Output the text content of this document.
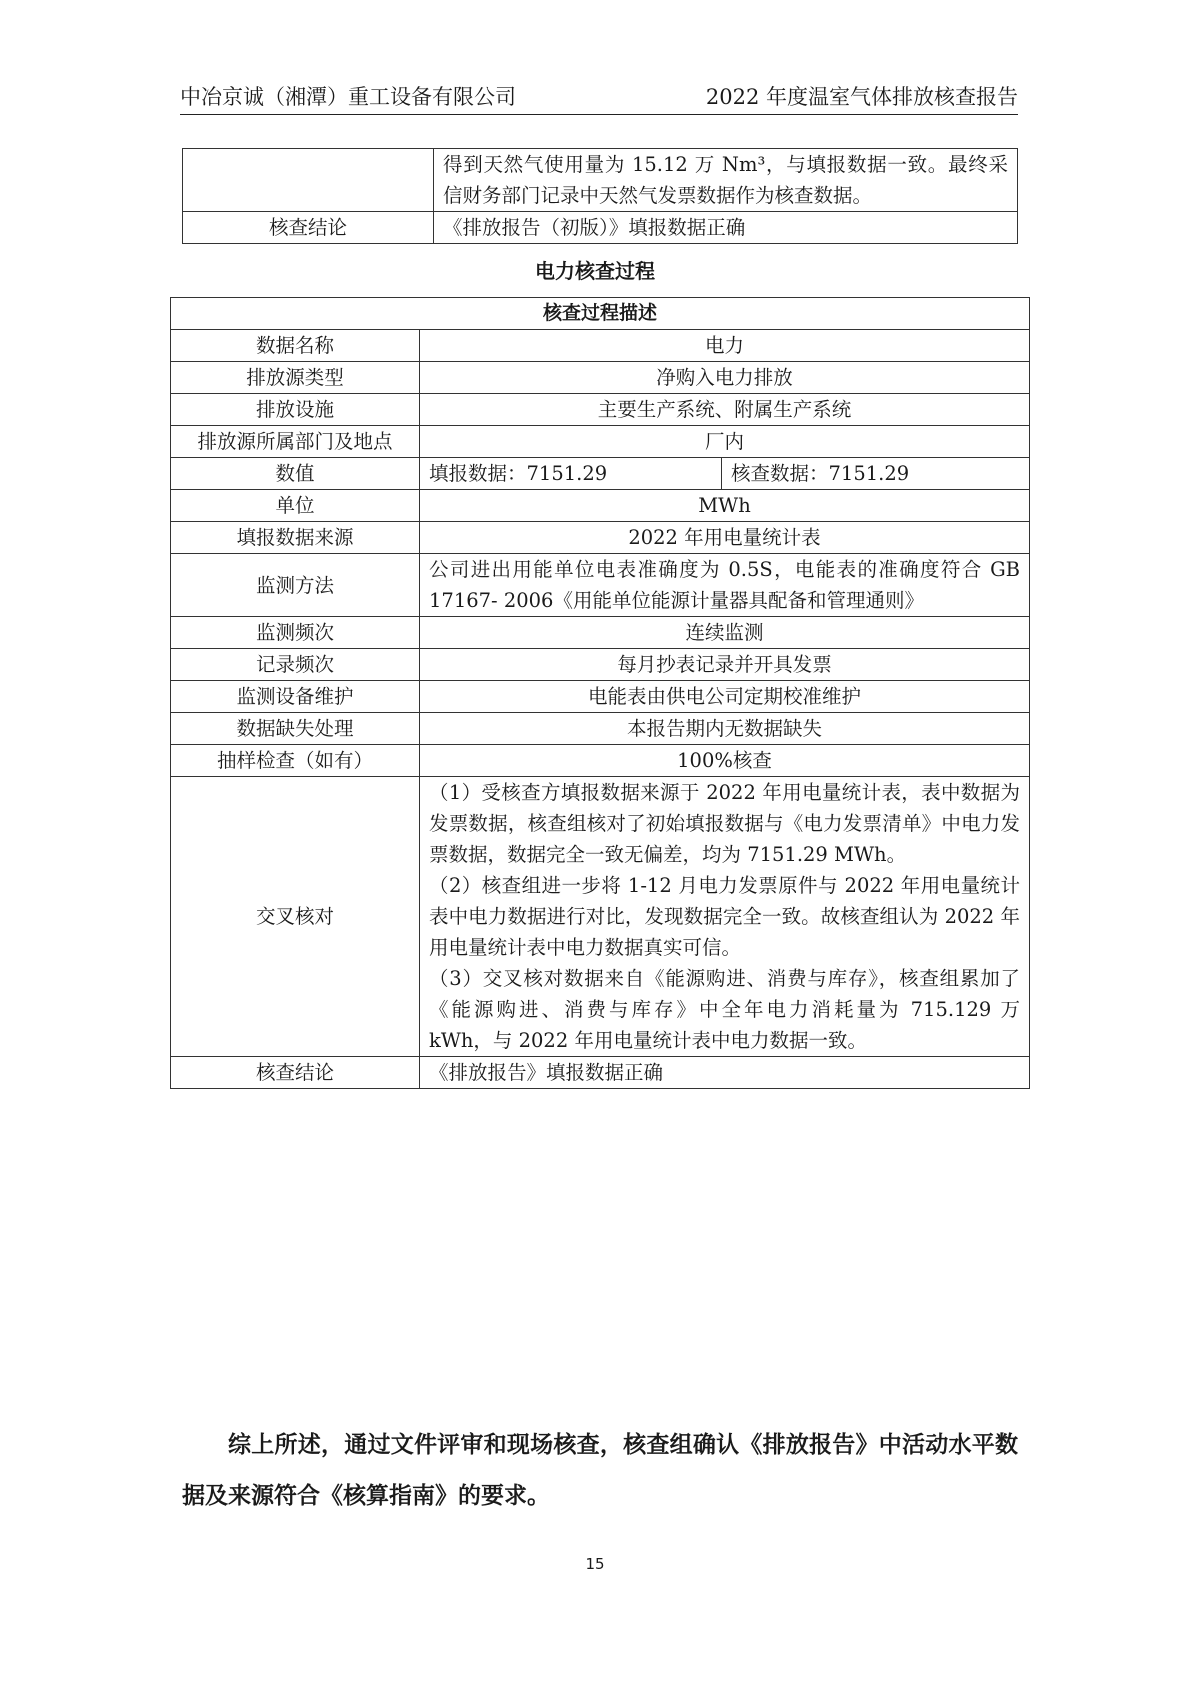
中冶京诚（湘潭）重工设备有限公司	2022 年度温室气体排放核查报告
	得到天然气使用量为 15.12 万 Nm³，与填报数据一致。最终采信财务部门记录中天然气发票数据作为核查数据。
核查结论	《排放报告（初版）》填报数据正确
电力核查过程
核查过程描述		
数据名称	电力	
排放源类型	净购入电力排放	
排放设施	主要生产系统、附属生产系统	
排放源所属部门及地点	厂内	
数值	填报数据：7151.29	核查数据：7151.29
单位	MWh	
填报数据来源	2022 年用电量统计表	
监测方法	公司进出用能单位电表准确度为 0.5S，电能表的准确度符合 GB 17167- 2006《用能单位能源计量器具配备和管理通则》	
监测频次	连续监测	
记录频次	每月抄表记录并开具发票	
监测设备维护	电能表由供电公司定期校准维护	
数据缺失处理	本报告期内无数据缺失	
抽样检查（如有）	100%核查	
交叉核对	（1）受核查方填报数据来源于 2022 年用电量统计表，表中数据为发票数据，核查组核对了初始填报数据与《电力发票清单》中电力发票数据，数据完全一致无偏差，均为 7151.29 MWh。
（2）核查组进一步将 1-12 月电力发票原件与 2022 年用电量统计表中电力数据进行对比，发现数据完全一致。故核查组认为 2022 年用电量统计表中电力数据真实可信。
（3）交叉核对数据来自《能源购进、消费与库存》，核查组累加了《能源购进、消费与库存》中全年电力消耗量为 715.129 万 kWh，与 2022 年用电量统计表中电力数据一致。	

核查结论	《排放报告》填报数据正确	
综上所述，通过文件评审和现场核查，核查组确认《排放报告》中活动水平数据及来源符合《核算指南》的要求。
15
